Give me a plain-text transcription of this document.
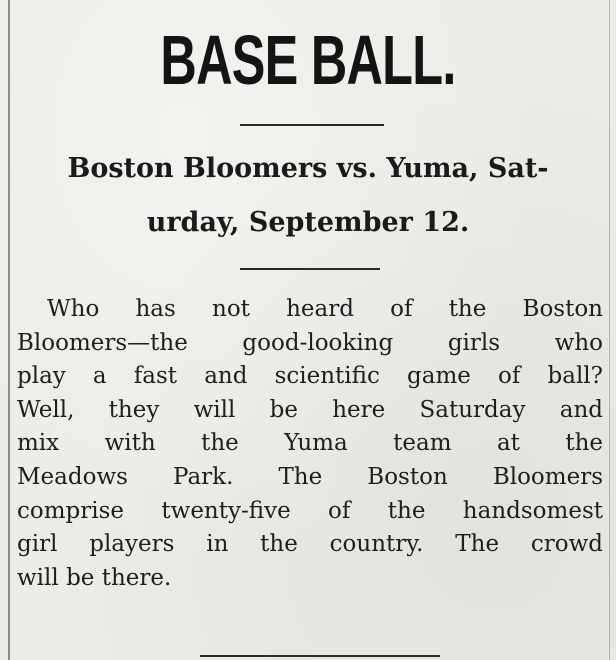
BASE BALL.
Boston Bloomers vs. Yuma, Sat-
urday, September 12.
Who has not heard of the Boston
Bloomers—the good-looking girls who
play a fast and scientific game of ball?
Well, they will be here Saturday and
mix with the Yuma team at the
Meadows Park. The Boston Bloomers
comprise twenty-five of the handsomest
girl players in the country. The crowd
will be there.
